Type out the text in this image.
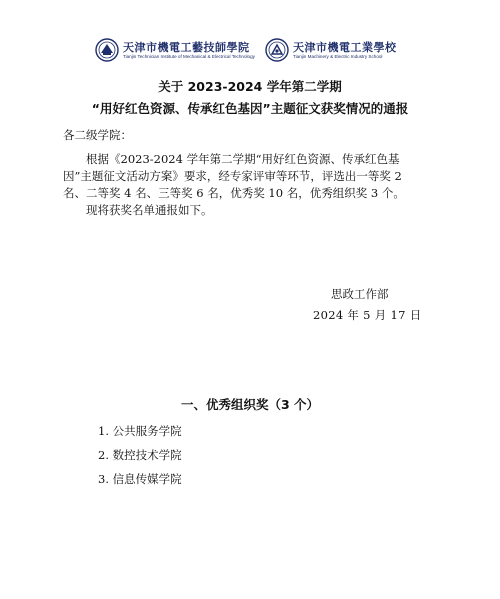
天津市機電工藝技師學院
Tianjin Technician Institute of Mechanical & Electrical Technology
天津市機電工業學校
Tianjin Machinery & Electric Industry School
关于 2023-2024 学年第二学期
“用好红色资源、传承红色基因”主题征文获奖情况的通报
各二级学院：
根据《2023-2024 学年第二学期“用好红色资源、传承红色基
因”主题征文活动方案》要求，经专家评审等环节，评选出一等奖 2
名、二等奖 4 名、三等奖 6 名，优秀奖 10 名，优秀组织奖 3 个。
现将获奖名单通报如下。
思政工作部
2024 年 5 月 17 日
一、优秀组织奖（3 个）
1. 公共服务学院
2. 数控技术学院
3. 信息传媒学院
